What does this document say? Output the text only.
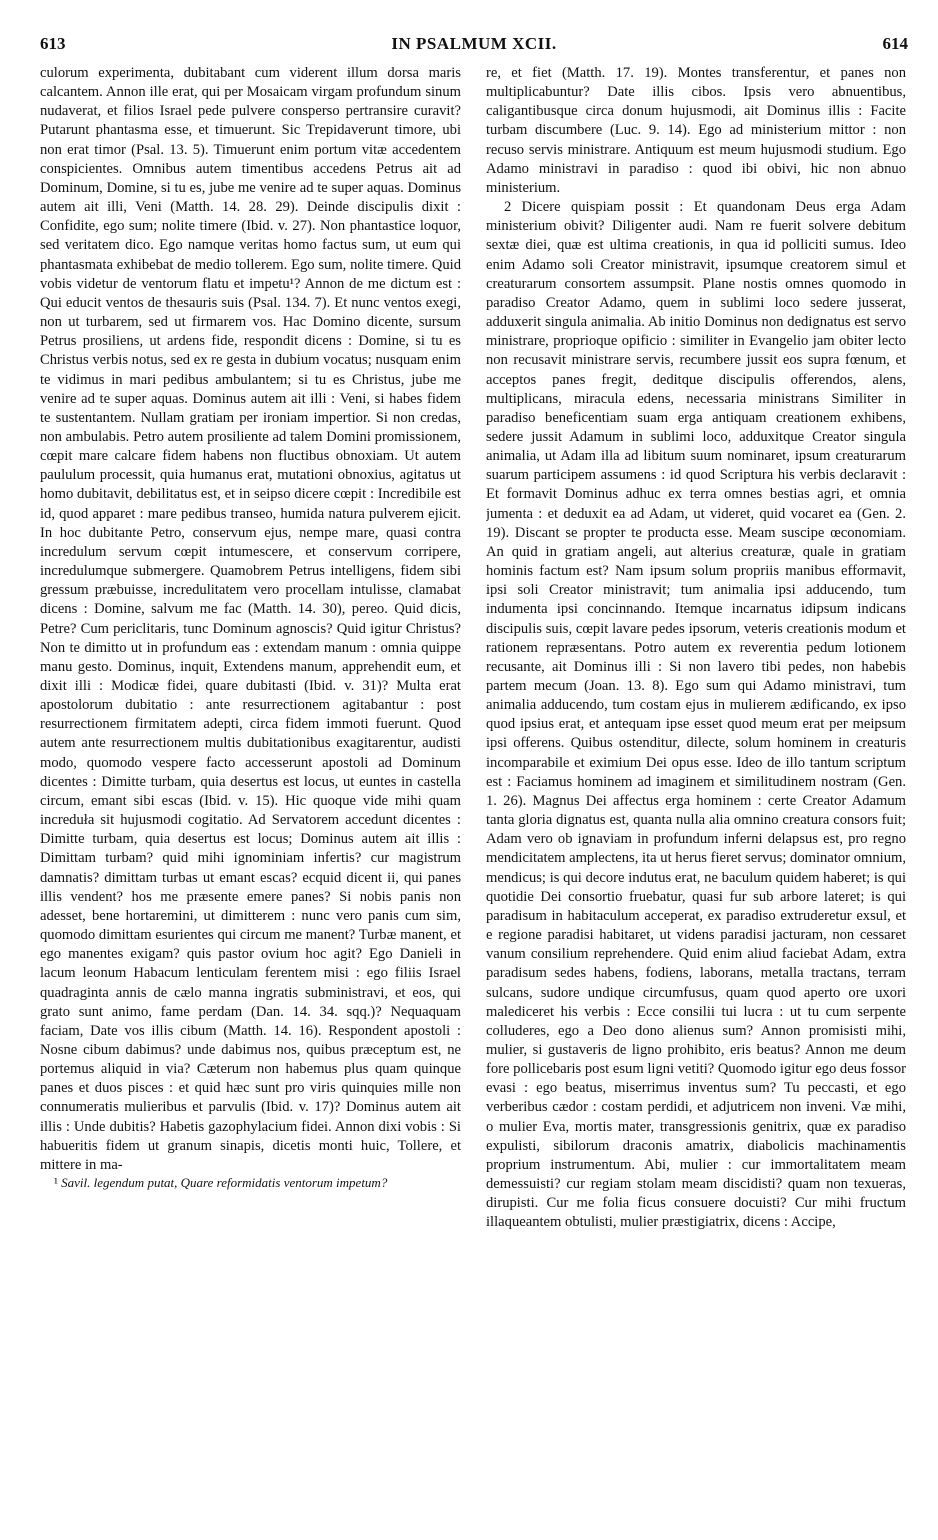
613	IN PSALMUM XCII.	614

culorum experimenta, dubitabant cum viderent illum dorsa maris calcantem. Annon ille erat, qui per Mosaicam virgam profundum sinum nudaverat, et filios Israel pede pulvere conspersо pertransire curavit? Putarunt phantasma esse, et timuerunt. Sic Trepidaverunt timore, ubi non erat timor (Psal. 13. 5). Timuerunt enim portum vitæ accedentem conspicientes. Omnibus autem timentibus accedens Petrus ait ad Dominum, Domine, si tu es, jube me venire ad te super aquas. Dominus autem ait illi, Veni (Matth. 14. 28. 29). Deinde discipulis dixit : Confidite, ego sum; nolite timere (Ibid. v. 27). Non phantastice loquor, sed veritatem dico. Ego namque veritas homo factus sum, ut eum qui phantasmata exhibebat de medio tollerem. Ego sum, nolite timere. Quid vobis videtur de ventorum flatu et impetu¹? Annon de me dictum est : Qui educit ventos de thesauris suis (Psal. 134. 7). Et nunc ventos exegi, non ut turbarem, sed ut firmarem vos. Hac Domino dicente, sursum Petrus prosiliens, ut ardens fide, respondit dicens : Domine, si tu es Christus verbis notus, sed ex re gesta in dubium vocatus; nusquam enim te vidimus in mari pedibus ambulantem; si tu es Christus, jube me venire ad te super aquas. Dominus autem ait illi : Veni, si habes fidem te sustentantem. Nullam gratiam per ironiam impertior. Si non credas, non ambulabis. Petro autem prosiliente ad talem Domini promissionem, cœpit mare calcare fidem habens non fluctibus obnoxiam. Ut autem paululum processit, quia humanus erat, mutationi obnoxius, agitatus ut homo dubitavit, debilitatus est, et in seipso dicere cœpit : Incredibile est id, quod apparet : mare pedibus transeo, humida natura pulverem ejicit. In hoc dubitante Petro, conservum ejus, nempe mare, quasi contra incredulum servum cœpit intumescere, et conservum corripere, incredulumque submergere. Quamobrem Petrus intelligens, fidem sibi gressum præbuisse, incredulitatem vero procellam intulisse, clamabat dicens : Domine, salvum me fac (Matth. 14. 30), pereo. Quid dicis, Petre? Cum periclitaris, tunc Dominum agnoscis? Quid igitur Christus? Non te dimitto ut in profundum eas : extendam manum : omnia quippe manu gesto. Dominus, inquit, Extendens manum, apprehendit eum, et dixit illi : Modicæ fidei, quare dubitasti (Ibid. v. 31)? Multa erat apostolorum dubitatio : ante resurrectionem agitabantur : post resurrectionem firmitatem adepti, circa fidem immoti fuerunt. Quod autem ante resurrectionem multis dubitationibus exagitarentur, audisti modo, quomodo vespere facto accesserunt apostoli ad Dominum dicentes : Dimitte turbam, quia desertus est locus, ut euntes in castella circum, emant sibi escas (Ibid. v. 15). Hic quoque vide mihi quam increduła sit hujusmodi cogitatio. Ad Servatorem accedunt dicentes : Dimitte turbam, quia desertus est locus; Dominus autem ait illis : Dimittam turbam? quid mihi ignominiam infertis? cur magistrum damnatis? dimittam turbas ut emant escas? ecquid dicent ii, qui panes illis vendent? hos me præsente emere panes? Si nobis panis non adesset, bene hortaremini, ut dimitterem : nunc vero panis cum sim, quomodo dimittam esurientes qui circum me manent? Turbæ manent, et ego manentes exigam? quis pastor ovium hoc agit? Ego Danieli in lacum leonum Habacum lenticulam ferentem misi : ego filiis Israel quadraginta annis de cælo manna ingratis subministravi, et eos, qui grato sunt animo, fame perdam (Dan. 14. 34. sqq.)? Nequaquam faciam, Date vos illis cibum (Matth. 14. 16). Respondent apostoli : Nosne cibum dabimus? unde dabimus nos, quibus præceptum est, ne portemus aliquid in via? Cæterum non habemus plus quam quinque panes et duos pisces : et quid hæc sunt pro viris quinquies mille non connumeratis mulieribus et parvulis (Ibid. v. 17)? Dominus autem ait illis : Unde dubitis? Habetis gazophylacium fidei. Annon dixi vobis : Si habueritis fidem ut granum sinapis, dicetis monti huic, Tollere, et mittere in ma-

¹ Savil. legendum putat, Quare reformidatis ventorum impetum?

re, et fiet (Matth. 17. 19). Montes transferentur, et panes non multiplicabuntur? Date illis cibos. Ipsis vero abnuentibus, caligantibusque circa donum hujusmodi, ait Dominus illis : Facite turbam discumbere (Luc. 9. 14). Ego ad ministerium mittor : non recuso servis ministrare. Antiquum est meum hujusmodi studium. Ego Adamo ministravi in paradiso : quod ibi obivi, hic non abnuo ministerium.

2 Dicere quispiam possit : Et quandonam Deus erga Adam ministerium obivit? Diligenter audi. Nam re fuerit solvere debitum sextæ diei, quæ est ultima creationis, in qua id polliciti sumus. Ideo enim Adamo soli Creator ministravit, ipsumque creatorem simul et creaturarum consortem assumpsit. Plane nostis omnes quomodo in paradiso Creator Adamo, quem in sublimi loco sedere jusserat, adduxerit singula animalia. Ab initio Dominus non dedignatus est servo ministrare, proprioque opificio : similiter in Evangelio jam obiter lecto non recusavit ministrare servis, recumbere jussit eos supra fœnum, et acceptos panes fregit, deditque discipulis offerendos, alens, multiplicans, miracula edens, necessaria ministrans Similiter in paradiso beneficentiam suam erga antiquam creationem exhibens, sedere jussit Adamum in sublimi loco, adduxitque Creator singula animalia, ut Adam illa ad libitum suum nominaret, ipsum creaturarum suarum participem assumens : id quod Scriptura his verbis declaravit : Et formavit Dominus adhuc ex terra omnes bestias agri, et omnia jumenta : et deduxit ea ad Adam, ut videret, quid vocaret ea (Gen. 2. 19). Discant se propter te producta esse. Meam suscipe œconomiam. An quid in gratiam angeli, aut alterius creaturæ, quale in gratiam hominis factum est? Nam ipsum solum propriis manibus efformavit, ipsi soli Creator ministravit; tum animalia ipsi adducendo, tum indumenta ipsi concinnando. Itemque incarnatus idipsum indicans discipulis suis, cœpit lavare pedes ipsorum, veteris creationis modum et rationem repræsentans. Potro autem ex reverentia pedum lotionem recusante, ait Dominus illi : Si non lavero tibi pedes, non habebis partem mecum (Joan. 13. 8). Ego sum qui Adamo ministravi, tum animalia adducendo, tum costam ejus in mulierem ædificando, ex ipso quod ipsius erat, et antequam ipse esset quod meum erat per meipsum ipsi offerens. Quibus ostenditur, dilecte, solum hominem in creaturis incomparabile et eximium Dei opus esse. Ideo de illo tantum scriptum est : Faciamus hominem ad imaginem et similitudinem nostram (Gen. 1. 26). Magnus Dei affectus erga hominem : certe Creator Adamum tanta gloria dignatus est, quanta nulla alia omnino creatura consors fuit; Adam vero ob ignaviam in profundum inferni delapsus est, pro regno mendicitatem amplectens, ita ut herus fieret servus; dominator omnium, mendicus; is qui decore indutus erat, ne baculum quidem haberet; is qui quotidie Dei consortio fruebatur, quasi fur sub arbore lateret; is qui paradisum in habitaculum acceperat, ex paradiso extruderetur exsul, et e regione paradisi habitaret, ut videns paradisi jacturam, non cessaret vanum consilium reprehendere. Quid enim aliud faciebat Adam, extra paradisum sedes habens, fodiens, laborans, metalla tractans, terram sulcans, sudore undique circumfusus, quam quod aperto ore uxori malediceret his verbis : Ecce consilii tui lucra : ut tu cum serpente colluderes, ego a Deo dono alienus sum? Annon promisisti mihi, mulier, si gustaveris de ligno prohibito, eris beatus? Annon me deum fore pollicebaris post esum ligni vetiti? Quomodo igitur ego deus fossor evasi : ego beatus, miserrimus inventus sum? Tu peccasti, et ego verberibus cædor : costam perdidi, et adjutricem non inveni. Væ mihi, o mulier Eva, mortis mater, transgressionis genitrix, quæ ex paradiso expulisti, sibilorum draconis amatrix, diabolicis machinamentis proprium instrumentum. Abi, mulier : cur immortalitatem meam demessuisti? cur regiam stolam meam discidisti? quam non texueras, dirupisti. Cur me folia ficus consuere docuisti? Cur mihi fructum illaqueantem obtulisti, mulier præstigiatrix, dicens : Accipe,
